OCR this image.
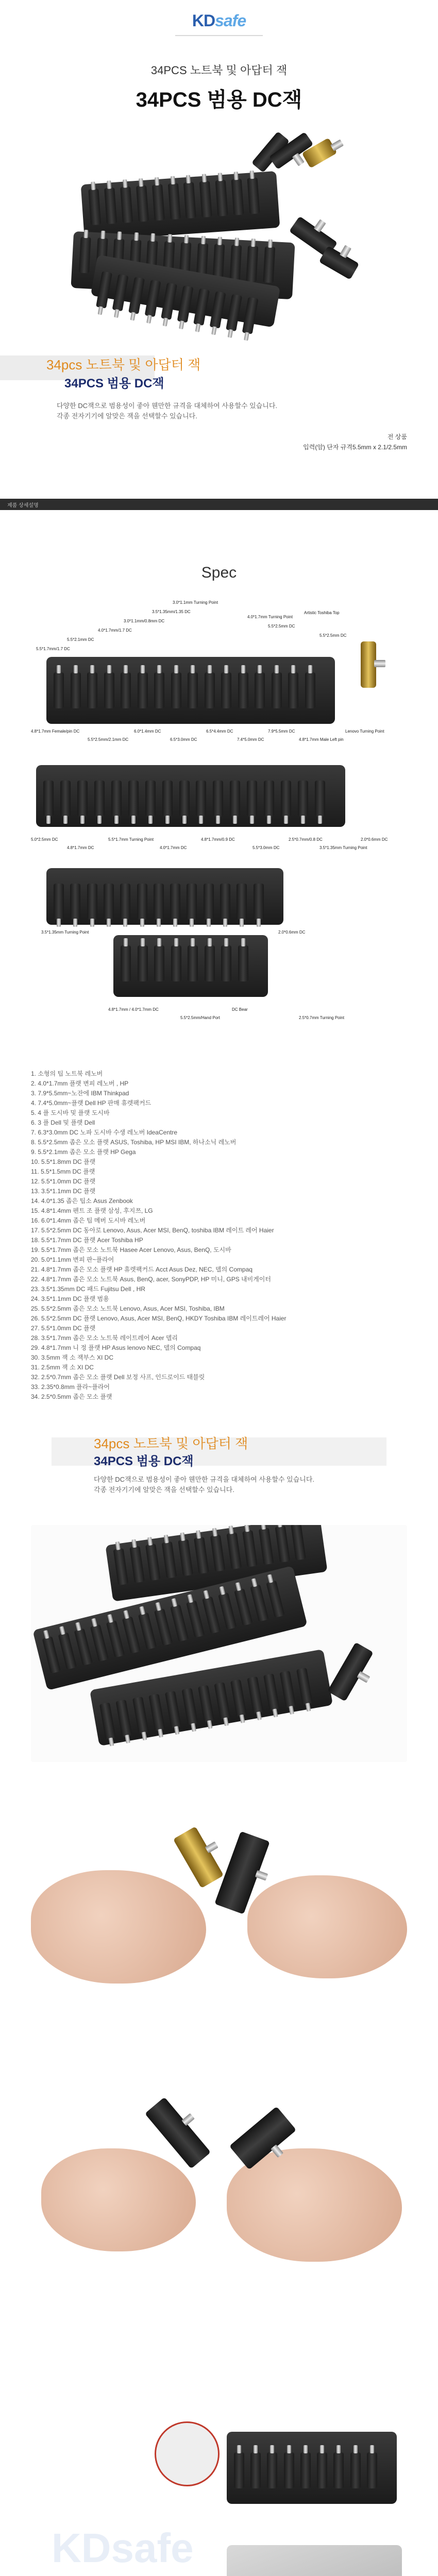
KDsafe
34PCS 노트북 및 아답터 잭
34PCS 범용 DC잭
34pcs 노트북 및 아답터 잭
34PCS 범용 DC잭
다양한 DC잭으로 범용성이 좋아 웬만한 규격을 대체하여 사용할수 있습니다.
각종 전자기기에 알맞은 잭을 선택할수 있습니다.
전 상품
입력(암) 단자 규격5.5mm x 2.1/2.5mm
제품 상세설명
Spec
3.0*1.1mm Turning Point
3.5*1.35mm/1.35 DC
3.0*1.1mm/0.8mm DC
4.0*1.7mm/1.7 DC
5.5*2.1mm DC
5.5*1.7mm/1.7 DC
4.0*1.7mm Turning Point
5.5*2.5mm DC
Artistic Toshiba Top
5.5*2.5mm DC
4.8*1.7mm Female/pin DC
5.5*2.5mm/2.1mm DC
6.0*1.4mm DC
6.5*3.0mm DC
6.5*4.4mm DC
7.4*5.0mm DC
7.9*5.5mm DC
4.8*1.7mm Male Left pin
Lenovo Turning Point
5.0*2.5mm DC
4.8*1.7mm DC
5.5*1.7mm Turning Point
4.0*1.7mm DC
4.8*1.7mm/0.9 DC
5.5*3.0mm DC
2.5*0.7mm/0.8 DC
3.5*1.35mm Turning Point
2.0*0.6mm DC
3.5*1.35mm Turning Point
4.8*1.7mm / 4.0*1.7mm DC
5.5*2.5mm/Hand Port
DC Bear
2.0*0.6mm DC
2.5*0.7mm Turning Point
1. 소형의 팁 노트북 레노버
2. 4.0*1.7mm 플랫 변피 레노버 , HP
3. 7.9*5.5mm~노잔에 IBM Thinkpad
4. 7.4*5.0mm~플랫 Dell HP 판매 휴렛팩커드
5. 4 플 도시바 및 플랫 도시바
6. 3 플 Dell 및 플랫 Dell
7. 6.3*3.0mm DC 노파 도시바 수생 레노버 IdeaCentre
8. 5.5*2.5mm 좁은 모소 플랫 ASUS, Toshiba, HP MSI IBM, 하나소닉 레노버
9. 5.5*2.1mm 좁은 모소 플랫 HP Gega
10. 5.5*1.8mm DC 플랫
11. 5.5*1.5mm DC 플랫
12. 5.5*1.0mm DC 플랫
13. 3.5*1.1mm DC 플랫
14. 4.0*1.35 좁은 팁소 Asus Zenbook
15. 4.8*1.4mm 펜트 조 플랫 삼성, 후지쯔, LG
16. 6.0*1.4mm 좁은 팁 메버 도시바 레노버
17. 5.5*2.5mm DC 동아로 Lenovo, Asus, Acer MSI, BenQ, toshiba IBM 레이트 레어 Haier
18. 5.5*1.7mm DC 플랫 Acer Toshiba HP
19. 5.5*1.7mm 좁은 모소 노트북 Hasee Acer Lenovo, Asus, BenQ, 도시바
20. 5.0*1.1mm 변피 판~플라어
21. 4.8*1.7mm 좁은 모소 플랫 HP 휴렛팩커드 Acct Asus Dez, NEC, 델의 Compaq
22. 4.8*1.7mm 좁은 모소 노트북 Asus, BenQ, acer, SonyPDP, HP 미니, GPS 내비게이터
23. 3.5*1.35mm DC 패드 Fujitsu Dell , HR
24. 3.5*1.1mm DC 플랫 범용
25. 5.5*2.5mm 좁은 모소 노트북 Lenovo, Asus, Acer MSI, Toshiba, IBM
26. 5.5*2.5mm DC 플랫 Lenovo, Asus, Acer MSI, BenQ, HKDY Toshiba IBM 레이트레어 Haier
27. 5.5*1.0mm DC 플랫
28. 3.5*1.7mm 좁은 모소 노트북 레이트레어 Acer 델리
29. 4.8*1.7mm 니 정 플랫 HP Asus lenovo NEC, 델의 Compaq
30. 3.5mm 잭 소 잭부스 XI DC
31. 2.5mm 잭 소 XI DC
32. 2.5*0.7mm 좁은 모소 플랫 Dell 보정 사프, 인드로이드 태블릿
33. 2.35*0.8mm 플라~플라어
34. 2.5*0.5mm 좁은 모소 플랫
34pcs 노트북 및 아답터 잭
34PCS 범용 DC잭
다양한 DC잭으로 범용성이 좋아 웬만한 규격을 대체하여 사용할수 있습니다.
각종 전자기기에 알맞은 잭을 선택할수 있습니다.
KDsafe
